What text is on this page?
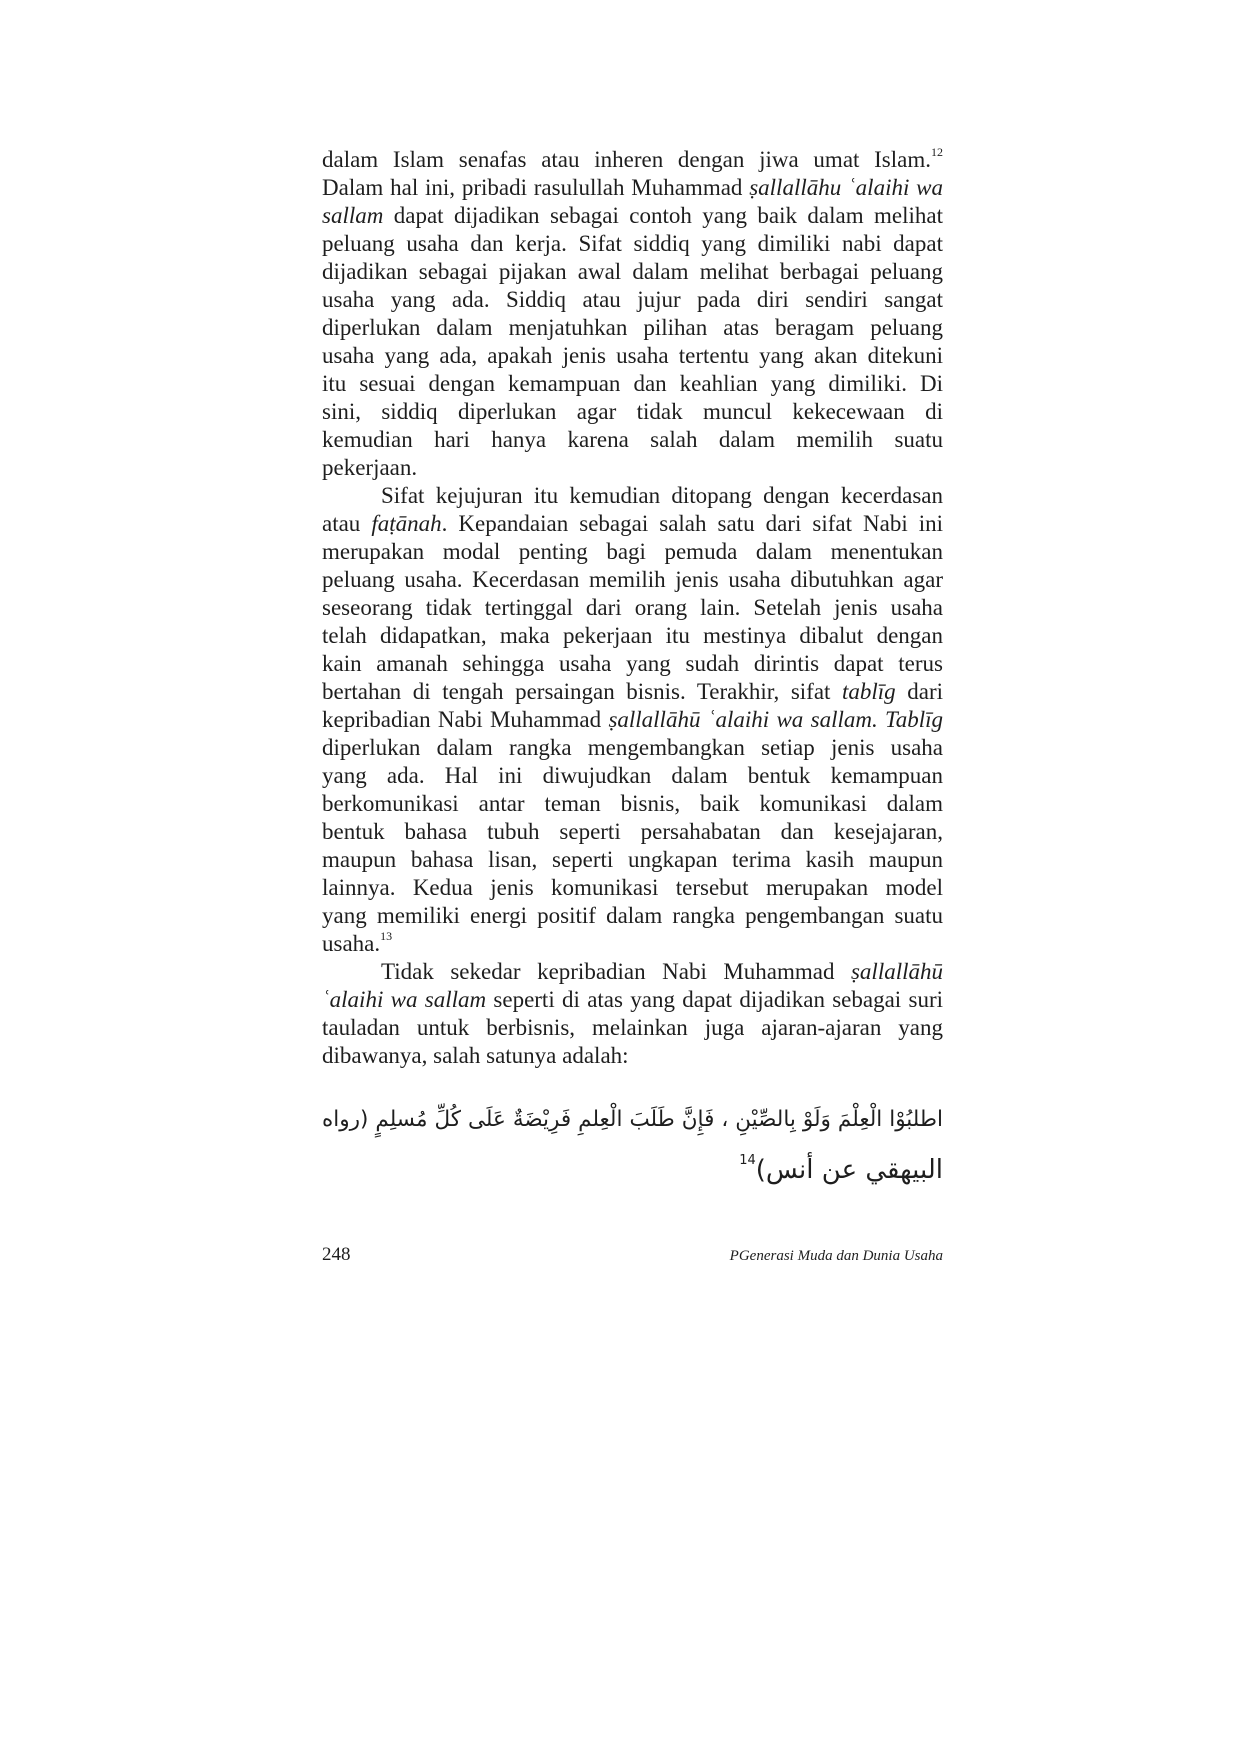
dalam Islam senafas atau inheren dengan jiwa umat Islam.$^{12}$
Dalam hal ini, pribadi rasulullah Muhammad ṣallallāhu ʿalaihi wa
sallam dapat dijadikan sebagai contoh yang baik dalam melihat
peluang usaha dan kerja. Sifat siddiq yang dimiliki nabi dapat
dijadikan sebagai pijakan awal dalam melihat berbagai peluang
usaha yang ada. Siddiq atau jujur pada diri sendiri sangat
diperlukan dalam menjatuhkan pilihan atas beragam peluang
usaha yang ada, apakah jenis usaha tertentu yang akan ditekuni
itu sesuai dengan kemampuan dan keahlian yang dimiliki. Di
sini, siddiq diperlukan agar tidak muncul kekecewaan di
kemudian hari hanya karena salah dalam memilih suatu
pekerjaan.
Sifat kejujuran itu kemudian ditopang dengan kecerdasan
atau faṭānah. Kepandaian sebagai salah satu dari sifat Nabi ini
merupakan modal penting bagi pemuda dalam menentukan
peluang usaha. Kecerdasan memilih jenis usaha dibutuhkan agar
seseorang tidak tertinggal dari orang lain. Setelah jenis usaha
telah didapatkan, maka pekerjaan itu mestinya dibalut dengan
kain amanah sehingga usaha yang sudah dirintis dapat terus
bertahan di tengah persaingan bisnis. Terakhir, sifat tablīg dari
kepribadian Nabi Muhammad ṣallallāhū ʿalaihi wa sallam. Tablīg
diperlukan dalam rangka mengembangkan setiap jenis usaha
yang ada. Hal ini diwujudkan dalam bentuk kemampuan
berkomunikasi antar teman bisnis, baik komunikasi dalam
bentuk bahasa tubuh seperti persahabatan dan kesejajaran,
maupun bahasa lisan, seperti ungkapan terima kasih maupun
lainnya. Kedua jenis komunikasi tersebut merupakan model
yang memiliki energi positif dalam rangka pengembangan suatu
usaha.$^{13}$
Tidak sekedar kepribadian Nabi Muhammad ṣallallāhū
ʿalaihi wa sallam seperti di atas yang dapat dijadikan sebagai suri
tauladan untuk berbisnis, melainkan juga ajaran-ajaran yang
dibawanya, salah satunya adalah:
اطلبُوْا الْعِلْمَ وَلَوْ بِالصِّيْنِ ، فَإِنَّ طَلَبَ الْعِلمِ فَرِيْضَةٌ عَلَى كُلِّ مُسلِمٍ (رواه
البيهقي عن أنس)$^{14}$
248	PGenerasi Muda dan Dunia Usaha
